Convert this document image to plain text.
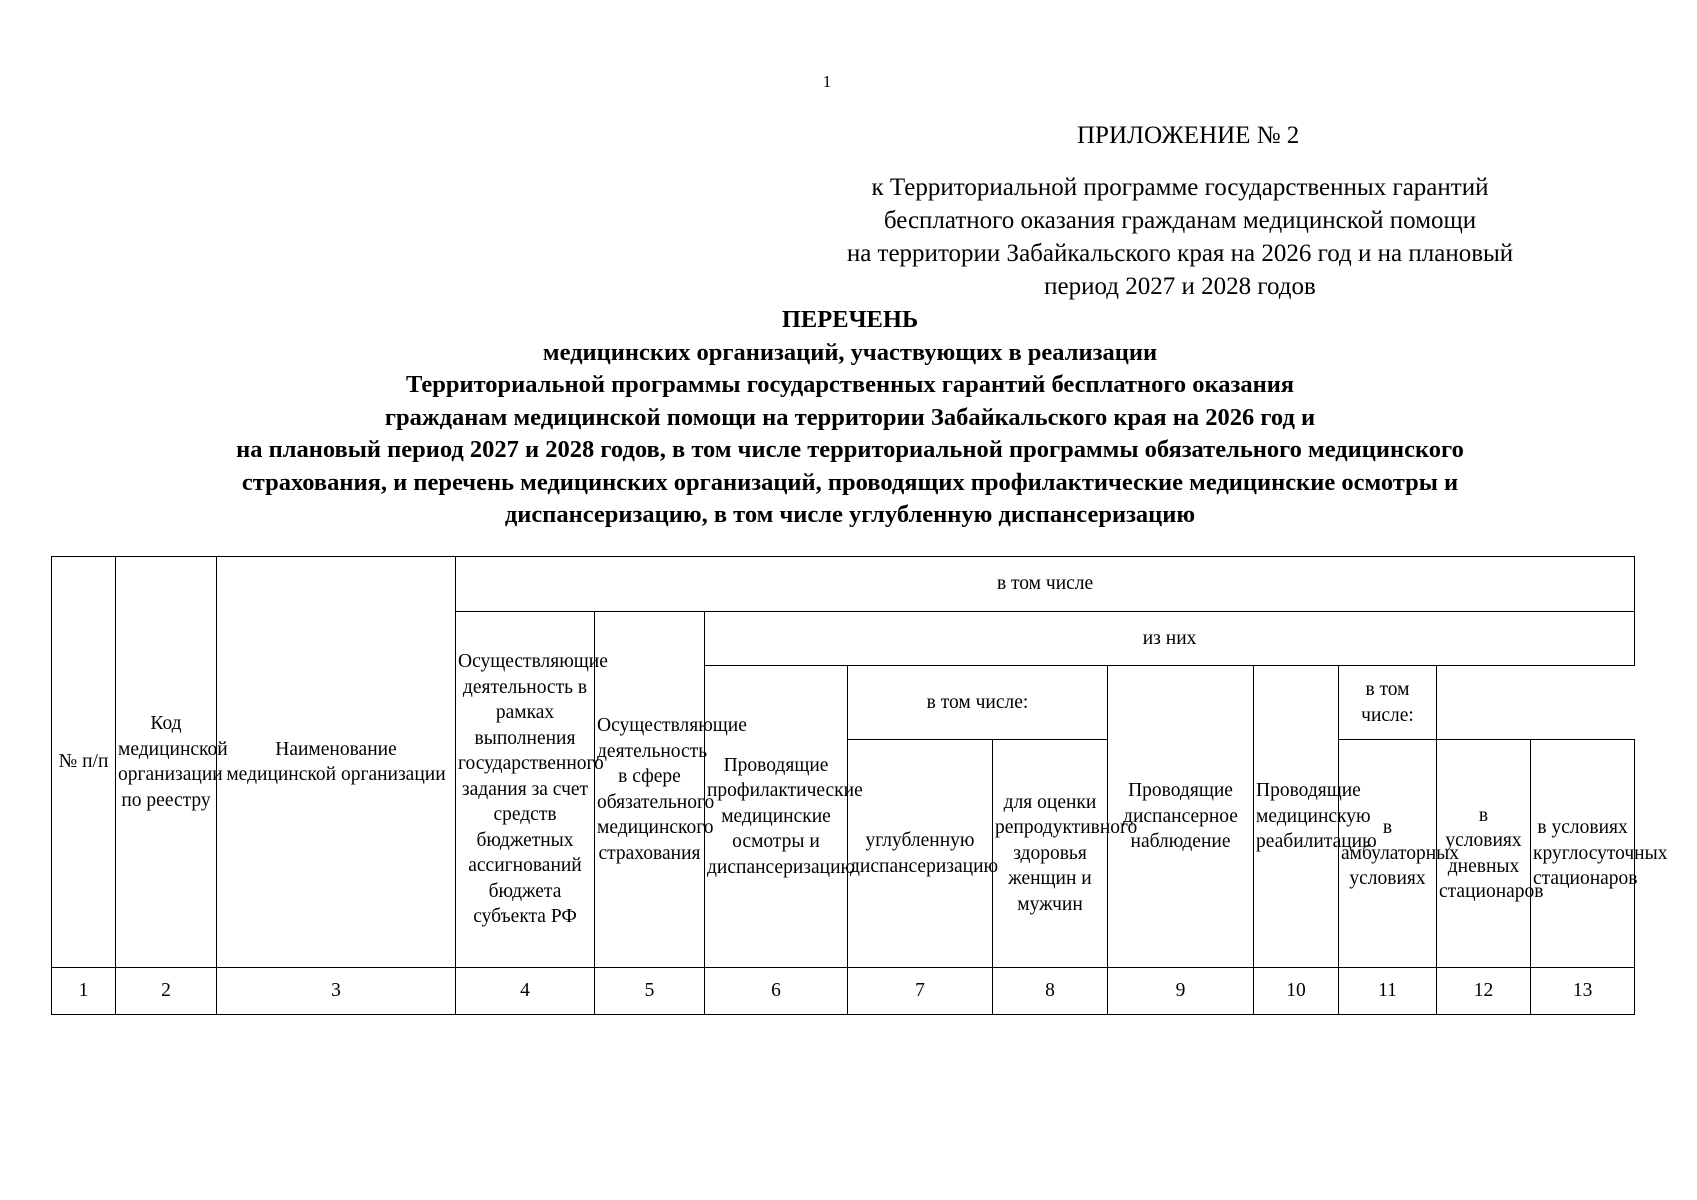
1
ПРИЛОЖЕНИЕ № 2
к Территориальной программе государственных гарантий
бесплатного оказания гражданам медицинской помощи
на территории Забайкальского края на 2026 год и на плановый
период 2027 и 2028 годов
ПЕРЕЧЕНЬ
медицинских организаций, участвующих в реализации
Территориальной программы государственных гарантий бесплатного оказания
гражданам медицинской помощи на территории Забайкальского края на 2026 год и
на плановый период 2027 и 2028 годов, в том числе территориальной программы обязательного медицинского
страхования, и перечень медицинских организаций, проводящих профилактические медицинские осмотры и
диспансеризацию, в том числе углубленную диспансеризацию
№ п/п	Код медицинской организации по реестру	Наименование медицинской организации	в том числе									
			Осуществляющие деятельность в рамках выполнения государственного задания за счет средств бюджетных ассигнований бюджета субъекта РФ	Осуществляющие деятельность в сфере обязательного медицинского страхования	из них							
					Проводящие профилактические медицинские осмотры и диспансеризацию	в том числе:		Проводящие диспансерное наблюдение	Проводящие медицинскую реабилитацию	в том числе:		
						углубленную диспансеризацию	для оценки репродуктивного здоровья женщин и мужчин			в амбулаторных условиях	в условиях дневных стационаров	в условиях круглосуточных стационаров
1	2	3	4	5	6	7	8	9	10	11	12	13
